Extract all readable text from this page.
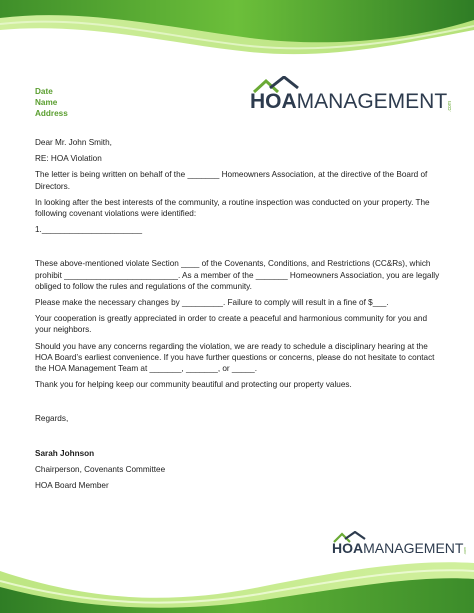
Date
Name
Address
HOA MANAGEMENT .com

Dear Mr. John Smith,

RE: HOA Violation

The letter is being written on behalf of the _______ Homeowners Association, at the directive of the Board of Directors.

In looking after the best interests of the community, a routine inspection was conducted on your property. The following covenant violations were identified:

1.______________________

These above-mentioned violate Section ____ of the Covenants, Conditions, and Restrictions (CC&Rs), which prohibit _________________________. As a member of the _______ Homeowners Association, you are legally obliged to follow the rules and regulations of the community.

Please make the necessary changes by _________. Failure to comply will result in a fine of $___.

Your cooperation is greatly appreciated in order to create a peaceful and harmonious community for you and your neighbors.

Should you have any concerns regarding the violation, we are ready to schedule a disciplinary hearing at the HOA Board’s earliest convenience. If you have further questions or concerns, please do not hesitate to contact the HOA Management Team at _______, _______, or _____.

Thank you for helping keep our community beautiful and protecting our property values.

Regards,

Sarah Johnson

Chairperson, Covenants Committee

HOA Board Member

HOA MANAGEMENT .com
